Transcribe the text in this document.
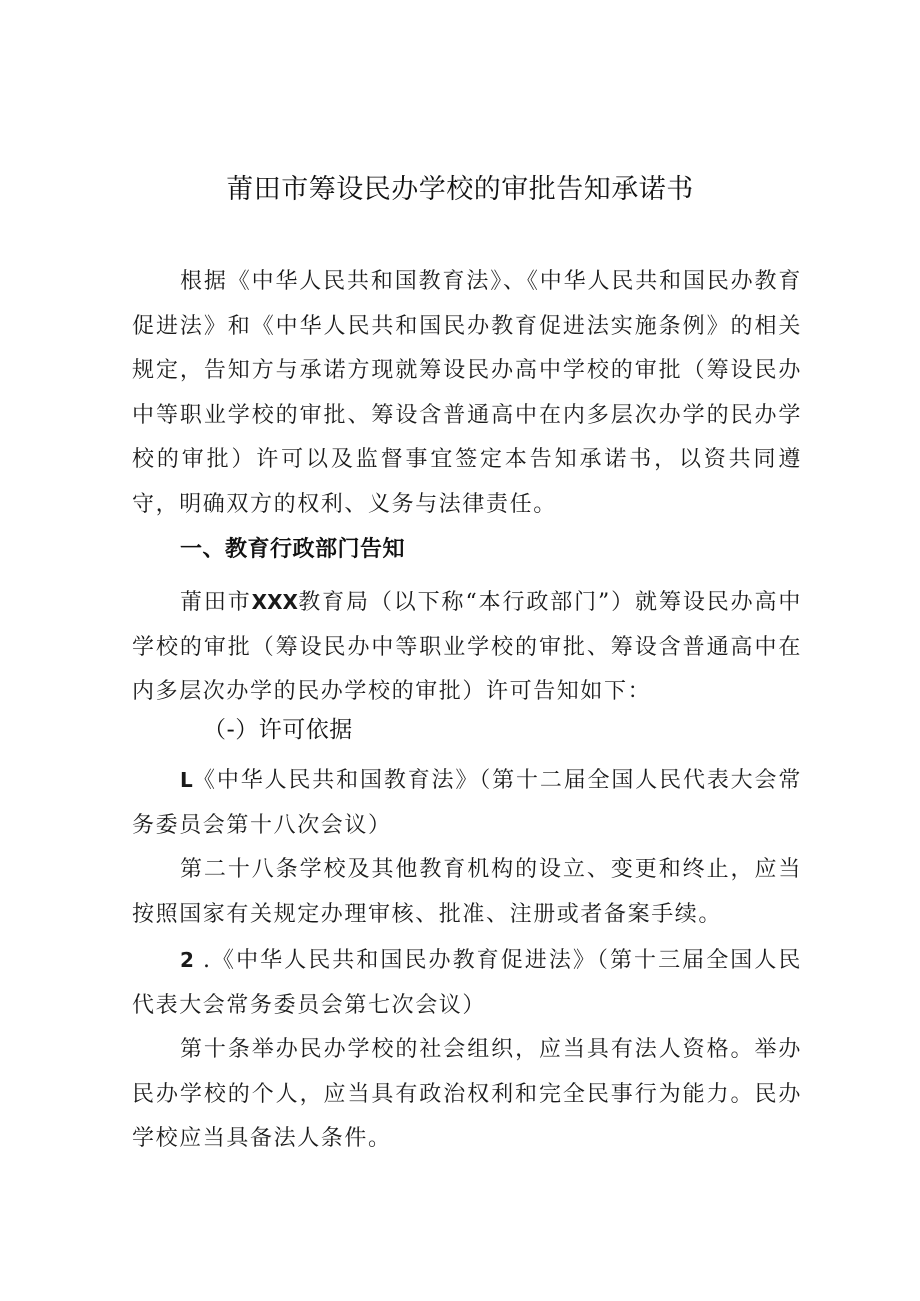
莆田市筹设民办学校的审批告知承诺书

根据《中华人民共和国教育法》、《中华人民共和国民办教育促进法》和《中华人民共和国民办教育促进法实施条例》的相关规定，告知方与承诺方现就筹设民办高中学校的审批（筹设民办中等职业学校的审批、筹设含普通高中在内多层次办学的民办学校的审批）许可以及监督事宜签定本告知承诺书，以资共同遵守，明确双方的权利、义务与法律责任。

一、教育行政部门告知

莆田市XXX教育局（以下称“本行政部门”）就筹设民办高中学校的审批（筹设民办中等职业学校的审批、筹设含普通高中在内多层次办学的民办学校的审批）许可告知如下：

（-）许可依据

L《中华人民共和国教育法》（第十二届全国人民代表大会常务委员会第十八次会议）

第二十八条学校及其他教育机构的设立、变更和终止，应当按照国家有关规定办理审核、批准、注册或者备案手续。

2 .《中华人民共和国民办教育促进法》（第十三届全国人民代表大会常务委员会第七次会议）

第十条举办民办学校的社会组织，应当具有法人资格。举办民办学校的个人，应当具有政治权利和完全民事行为能力。民办学校应当具备法人条件。
